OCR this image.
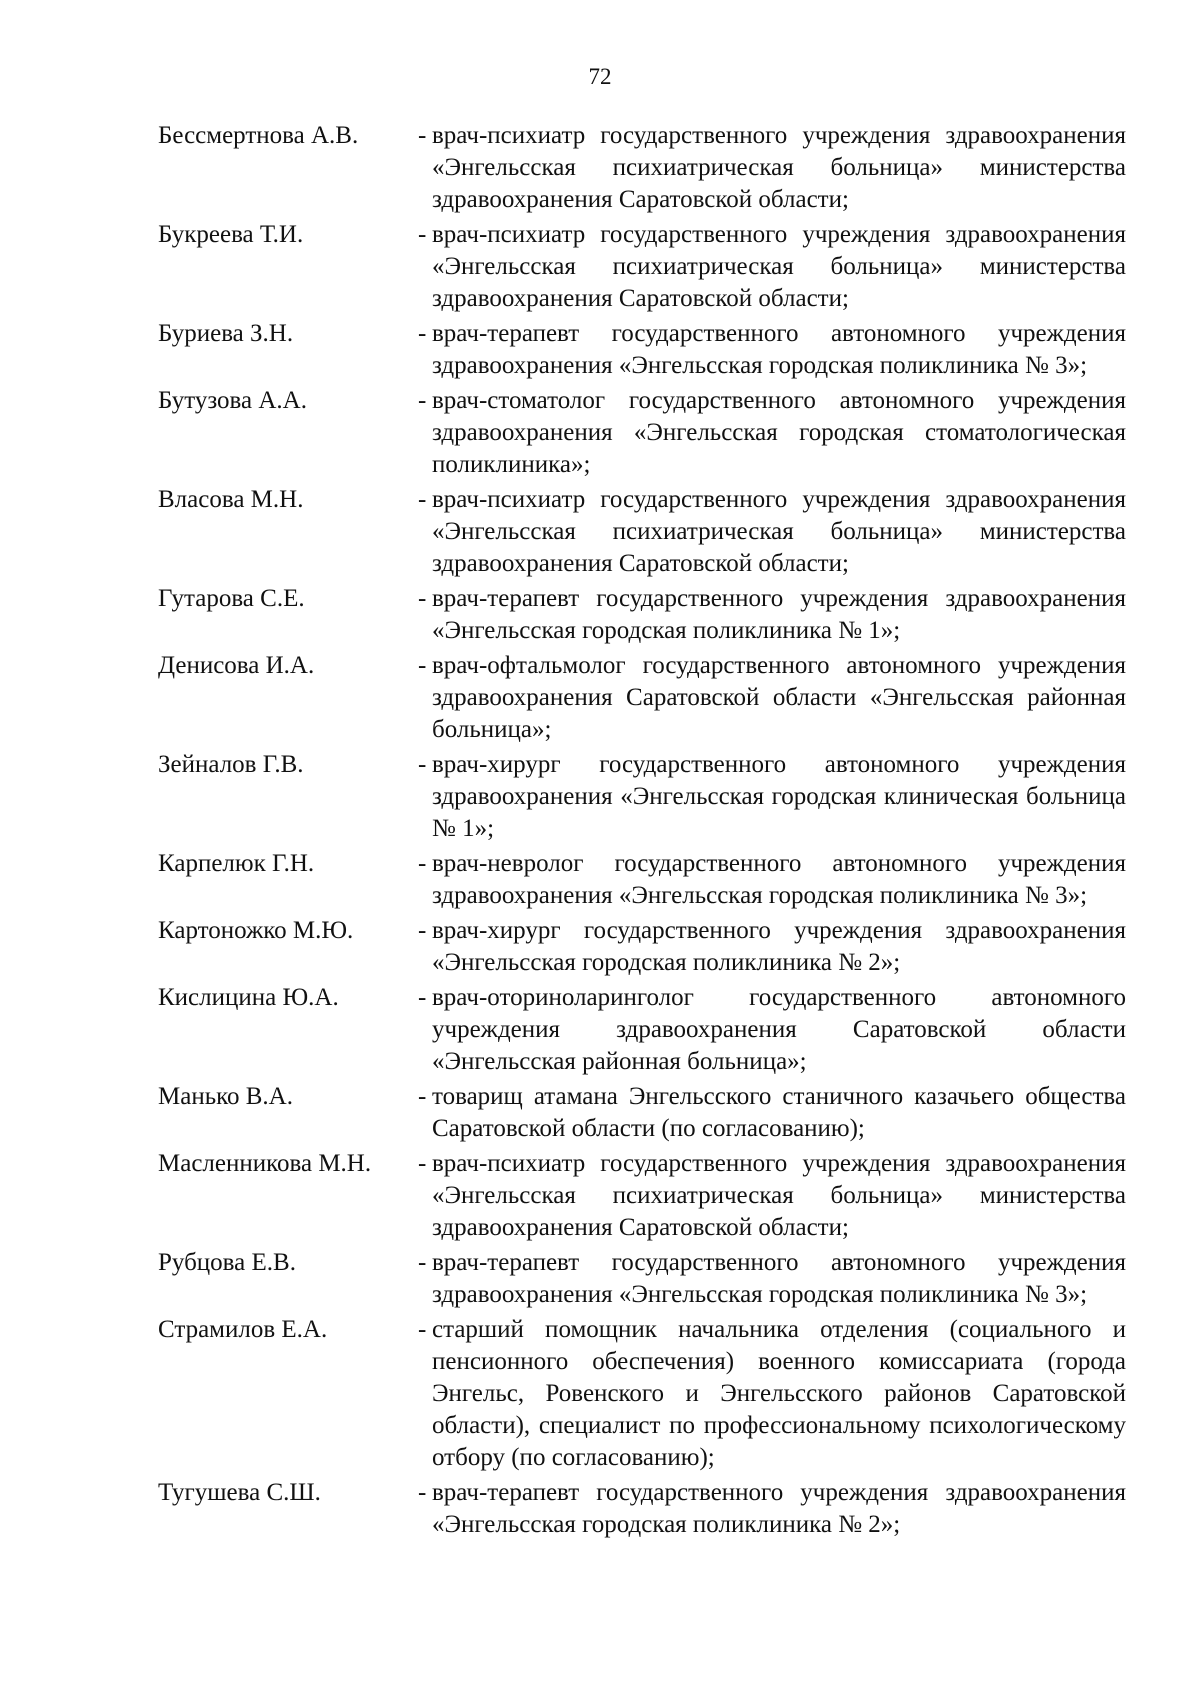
72
Бессмертнова А.В. - врач-психиатр государственного учреждения здравоохранения «Энгельсская психиатрическая больница» министерства здравоохранения Саратовской области;
Букреева Т.И.	- врач-психиатр государственного учреждения здравоохранения «Энгельсская психиатрическая больница» министерства здравоохранения Саратовской области;
Буриева З.Н.	- врач-терапевт государственного автономного учреждения здравоохранения «Энгельсская городская поликлиника № 3»;
Бутузова А.А.	- врач-стоматолог государственного автономного учреждения здравоохранения «Энгельсская городская стоматологическая поликлиника»;
Власова М.Н.	- врач-психиатр государственного учреждения здравоохранения «Энгельсская психиатрическая больница» министерства здравоохранения Саратовской области;
Гутарова С.Е.	- врач-терапевт государственного учреждения здравоохранения «Энгельсская городская поликлиника № 1»;
Денисова И.А.	- врач-офтальмолог государственного автономного учреждения здравоохранения Саратовской области «Энгельсская районная больница»;
Зейналов Г.В.	- врач-хирург государственного автономного учреждения здравоохранения «Энгельсская городская клиническая больница № 1»;
Карпелюк Г.Н.	- врач-невролог государственного автономного учреждения здравоохранения «Энгельсская городская поликлиника № 3»;
Картоножко М.Ю.	- врач-хирург государственного учреждения здравоохранения «Энгельсская городская поликлиника № 2»;
Кислицина Ю.А.	- врач-оториноларинголог государственного автономного учреждения здравоохранения Саратовской области «Энгельсская районная больница»;
Манько В.А.	- товарищ атамана Энгельсского станичного казачьего общества Саратовской области (по согласованию);
Масленникова М.Н. - врач-психиатр государственного учреждения здравоохранения «Энгельсская психиатрическая больница» министерства здравоохранения Саратовской области;
Рубцова Е.В.	- врач-терапевт государственного автономного учреждения здравоохранения «Энгельсская городская поликлиника № 3»;
Страмилов Е.А.	- старший помощник начальника отделения (социального и пенсионного обеспечения) военного комиссариата (города Энгельс, Ровенского и Энгельсского районов Саратовской области), специалист по профессиональному психологическому отбору (по согласованию);
Тугушева С.Ш.	- врач-терапевт государственного учреждения здравоохранения «Энгельсская городская поликлиника № 2»;
